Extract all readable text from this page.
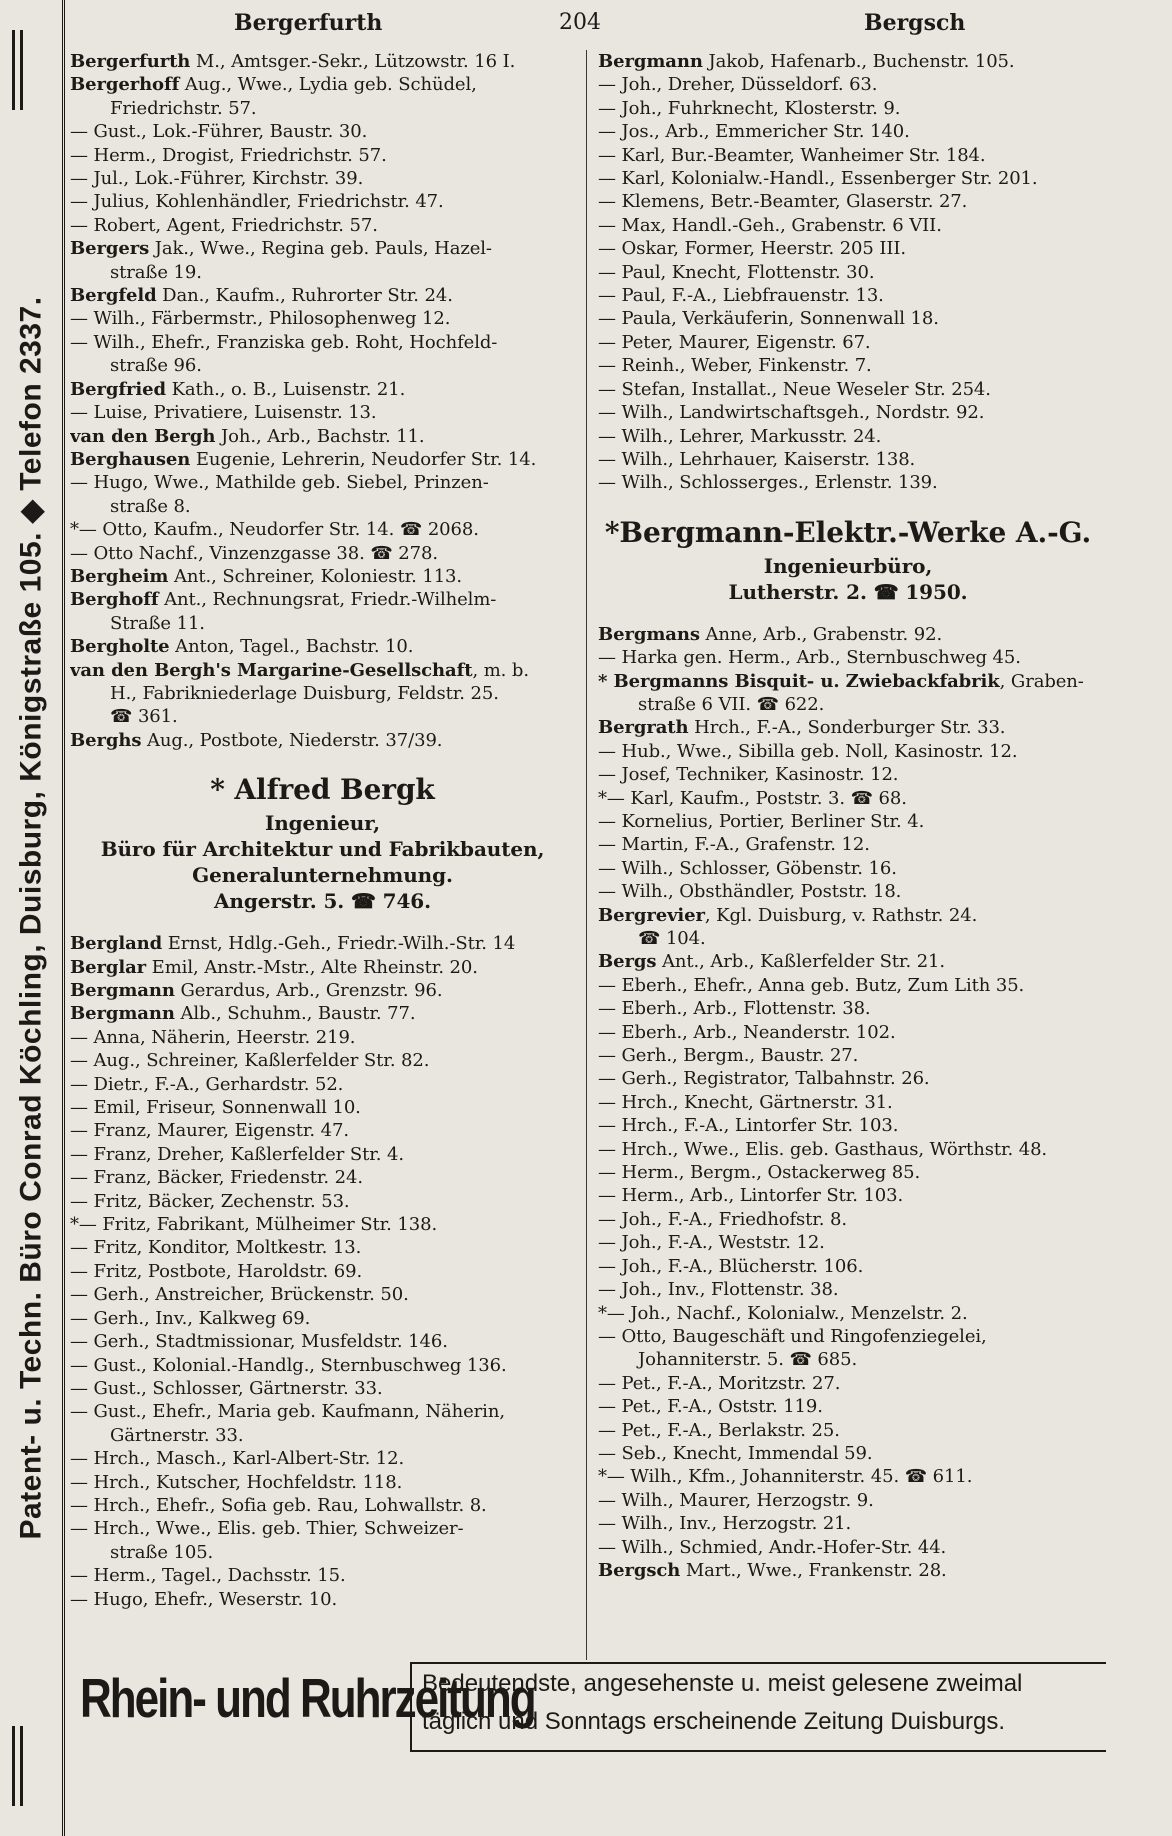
Patent- u. Techn. Büro Conrad Köchling, Duisburg, Königstraße 105. ◆ Telefon 2337.
Bergerfurth	204	Bergsch
Bergerfurth M., Amtsger.-Sekr., Lützowstr. 16 I.
Bergerhoff Aug., Wwe., Lydia geb. Schüdel,
Friedrichstr. 57.
— Gust., Lok.-Führer, Baustr. 30.
— Herm., Drogist, Friedrichstr. 57.
— Jul., Lok.-Führer, Kirchstr. 39.
— Julius, Kohlenhändler, Friedrichstr. 47.
— Robert, Agent, Friedrichstr. 57.
Bergers Jak., Wwe., Regina geb. Pauls, Hazel-
straße 19.
Bergfeld Dan., Kaufm., Ruhrorter Str. 24.
— Wilh., Färbermstr., Philosophenweg 12.
— Wilh., Ehefr., Franziska geb. Roht, Hochfeld-
straße 96.
Bergfried Kath., o. B., Luisenstr. 21.
— Luise, Privatiere, Luisenstr. 13.
van den Bergh Joh., Arb., Bachstr. 11.
Berghausen Eugenie, Lehrerin, Neudorfer Str. 14.
— Hugo, Wwe., Mathilde geb. Siebel, Prinzen-
straße 8.
*— Otto, Kaufm., Neudorfer Str. 14. ☎ 2068.
— Otto Nachf., Vinzenzgasse 38. ☎ 278.
Bergheim Ant., Schreiner, Koloniestr. 113.
Berghoff Ant., Rechnungsrat, Friedr.-Wilhelm-
Straße 11.
Bergholte Anton, Tagel., Bachstr. 10.
van den Bergh's Margarine-Gesellschaft, m. b.
H., Fabrikniederlage Duisburg, Feldstr. 25.
☎ 361.
Berghs Aug., Postbote, Niederstr. 37/39.
* Alfred Bergk
Ingenieur,
Büro für Architektur und Fabrikbauten,
Generalunternehmung.
Angerstr. 5. ☎ 746.
Bergland Ernst, Hdlg.-Geh., Friedr.-Wilh.-Str. 14
Berglar Emil, Anstr.-Mstr., Alte Rheinstr. 20.
Bergmann Gerardus, Arb., Grenzstr. 96.
Bergmann Alb., Schuhm., Baustr. 77.
— Anna, Näherin, Heerstr. 219.
— Aug., Schreiner, Kaßlerfelder Str. 82.
— Dietr., F.-A., Gerhardstr. 52.
— Emil, Friseur, Sonnenwall 10.
— Franz, Maurer, Eigenstr. 47.
— Franz, Dreher, Kaßlerfelder Str. 4.
— Franz, Bäcker, Friedenstr. 24.
— Fritz, Bäcker, Zechenstr. 53.
*— Fritz, Fabrikant, Mülheimer Str. 138.
— Fritz, Konditor, Moltkestr. 13.
— Fritz, Postbote, Haroldstr. 69.
— Gerh., Anstreicher, Brückenstr. 50.
— Gerh., Inv., Kalkweg 69.
— Gerh., Stadtmissionar, Musfeldstr. 146.
— Gust., Kolonial.-Handlg., Sternbuschweg 136.
— Gust., Schlosser, Gärtnerstr. 33.
— Gust., Ehefr., Maria geb. Kaufmann, Näherin,
Gärtnerstr. 33.
— Hrch., Masch., Karl-Albert-Str. 12.
— Hrch., Kutscher, Hochfeldstr. 118.
— Hrch., Ehefr., Sofia geb. Rau, Lohwallstr. 8.
— Hrch., Wwe., Elis. geb. Thier, Schweizer-
straße 105.
— Herm., Tagel., Dachsstr. 15.
— Hugo, Ehefr., Weserstr. 10.
Bergmann Jakob, Hafenarb., Buchenstr. 105.
— Joh., Dreher, Düsseldorf. 63.
— Joh., Fuhrknecht, Klosterstr. 9.
— Jos., Arb., Emmericher Str. 140.
— Karl, Bur.-Beamter, Wanheimer Str. 184.
— Karl, Kolonialw.-Handl., Essenberger Str. 201.
— Klemens, Betr.-Beamter, Glaserstr. 27.
— Max, Handl.-Geh., Grabenstr. 6 VII.
— Oskar, Former, Heerstr. 205 III.
— Paul, Knecht, Flottenstr. 30.
— Paul, F.-A., Liebfrauenstr. 13.
— Paula, Verkäuferin, Sonnenwall 18.
— Peter, Maurer, Eigenstr. 67.
— Reinh., Weber, Finkenstr. 7.
— Stefan, Installat., Neue Weseler Str. 254.
— Wilh., Landwirtschaftsgeh., Nordstr. 92.
— Wilh., Lehrer, Markusstr. 24.
— Wilh., Lehrhauer, Kaiserstr. 138.
— Wilh., Schlosserges., Erlenstr. 139.
*Bergmann-Elektr.-Werke A.-G.
Ingenieurbüro,
Lutherstr. 2. ☎ 1950.
Bergmans Anne, Arb., Grabenstr. 92.
— Harka gen. Herm., Arb., Sternbuschweg 45.
* Bergmanns Bisquit- u. Zwiebackfabrik, Graben-
straße 6 VII. ☎ 622.
Bergrath Hrch., F.-A., Sonderburger Str. 33.
— Hub., Wwe., Sibilla geb. Noll, Kasinostr. 12.
— Josef, Techniker, Kasinostr. 12.
*— Karl, Kaufm., Poststr. 3. ☎ 68.
— Kornelius, Portier, Berliner Str. 4.
— Martin, F.-A., Grafenstr. 12.
— Wilh., Schlosser, Göbenstr. 16.
— Wilh., Obsthändler, Poststr. 18.
Bergrevier, Kgl. Duisburg, v. Rathstr. 24.
☎ 104.
Bergs Ant., Arb., Kaßlerfelder Str. 21.
— Eberh., Ehefr., Anna geb. Butz, Zum Lith 35.
— Eberh., Arb., Flottenstr. 38.
— Eberh., Arb., Neanderstr. 102.
— Gerh., Bergm., Baustr. 27.
— Gerh., Registrator, Talbahnstr. 26.
— Hrch., Knecht, Gärtnerstr. 31.
— Hrch., F.-A., Lintorfer Str. 103.
— Hrch., Wwe., Elis. geb. Gasthaus, Wörthstr. 48.
— Herm., Bergm., Ostackerweg 85.
— Herm., Arb., Lintorfer Str. 103.
— Joh., F.-A., Friedhofstr. 8.
— Joh., F.-A., Weststr. 12.
— Joh., F.-A., Blücherstr. 106.
— Joh., Inv., Flottenstr. 38.
*— Joh., Nachf., Kolonialw., Menzelstr. 2.
— Otto, Baugeschäft und Ringofenziegelei,
Johanniterstr. 5. ☎ 685.
— Pet., F.-A., Moritzstr. 27.
— Pet., F.-A., Oststr. 119.
— Pet., F.-A., Berlakstr. 25.
— Seb., Knecht, Immendal 59.
*— Wilh., Kfm., Johanniterstr. 45. ☎ 611.
— Wilh., Maurer, Herzogstr. 9.
— Wilh., Inv., Herzogstr. 21.
— Wilh., Schmied, Andr.-Hofer-Str. 44.
Bergsch Mart., Wwe., Frankenstr. 28.
Rhein- und Ruhrzeitung
Bedeutendste, angesehenste u. meist gelesene zweimal
täglich und Sonntags erscheinende Zeitung Duisburgs.
